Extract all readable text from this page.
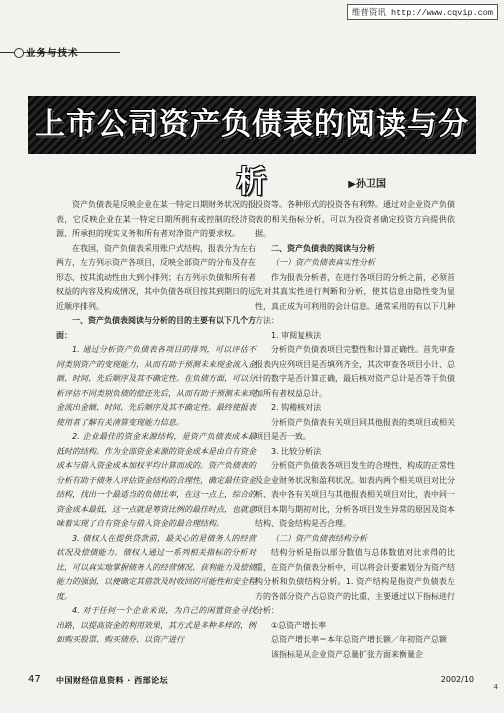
维普资讯 http://www.cqvip.com
业务与技术
上市公司资产负债表的阅读与分析	▶孙卫国

资产负债表是反映企业在某一特定日期财务状况的报表，它反映企业在某一特定日期所拥有或控制的经济资源、所承担的现实义务和所有者对净资产的要求权。

在我国，资产负债表采用账户式结构，报表分为左右两方，左方列示资产各项目，反映全部资产的分布及存在形态，按其流动性由大到小排列；右方列示负债和所有者权益的内容及构成情况，其中负债各项目按其到期日的远近顺序排列。

一、资产负债表阅读与分析的目的主要有以下几个方面：

1. 通过分析资产负债表各项目的排列，可以评估不同类别资产的变现能力，从而有助于预测未来现金流入金额、时间、先后顺序及其不确定性。在负债方面，可以分析评估不同类别负债的偿还先后，从而有助于预测未来现金流出金额、时间、先后顺序及其不确定性。最终使报表使用者了解有关清算变现能力信息。

2. 企业最佳的资金来源结构，是资产负债表成本最低时的结构。作为全部资金来源的资金成本是由自有资金成本与借入资金成本加权平均计算而成的。资产负债表的分析有助于债务人评估资金结构的合理性，确定最佳资金结构，找出一个最适当的负债比率，在这一点上，综合的资金成本最低，这一点就是筹资比例的最佳时点，也就意味着实现了自有资金与借入资金的最合理结构。

3. 债权人在提供贷款前，最关心的是债务人的经营状况及偿债能力。债权人通过一系列相关指标的分析对比，可以真实地掌握债务人的经营情况、获利能力及偿债能力的强弱，以便确定其借款及时收回的可能性和安全程度。

4. 对于任何一个企业来说，为自己的闲置资金寻找出路，以提高资金的利用效果，其方式是多种多样的，例如购买股票、购买债券、以资产进行

投资等。各种形式的投资各有利弊。通过对企业资产负债表的相关指标分析，可以为投资者确定投资方向提供依据。

二、资产负债表的阅读与分析

（一）资产负债表真实性分析

作为报表分析者，在进行各项目的分析之前，必须首先对其真实性进行判断和分析，使其信息由隐性变为显性，真正成为可利用的会计信息。通常采用的有以下几种方法：

1. 审阅复核法

分析资产负债表项目完整性和计算正确性。首先审查报表内应列项目是否填列齐全，其次审查各项目小计、总计的数字是否计算正确，最后核对资产总计是否等于负债加所有者权益总计。

2. 钩稽核对法

分析资产负债表有关项目同其他报表的类项目或相关项目是否一致。

3. 比较分析法

分析资产负债表各项目发生的合理性，构成的正常性及企业财务状况和盈利状况。如表内两个相关项目对比分析、表中各有关项目与其他报表相关项目对比，表中同一项目本期与期初对比，分析各项目发生异常的原因及资本结构、资金结构是否合理。

（二）资产负债表结构分析

结构分析是指以部分数值与总体数值对比求得的比重，在资产负债表分析中，可以将会计要素划分为资产结构分析和负债结构分析。1. 资产结构是指资产负债表左方的各部分资产占总资产的比重，主要通过以下指标进行分析：

①总资产增长率

总资产增长率＝本年总资产增长额／年初资产总额

该指标是从企业资产总量扩张方面来衡量企

47 中国财经信息资料 · 西部论坛	2002/10
4
